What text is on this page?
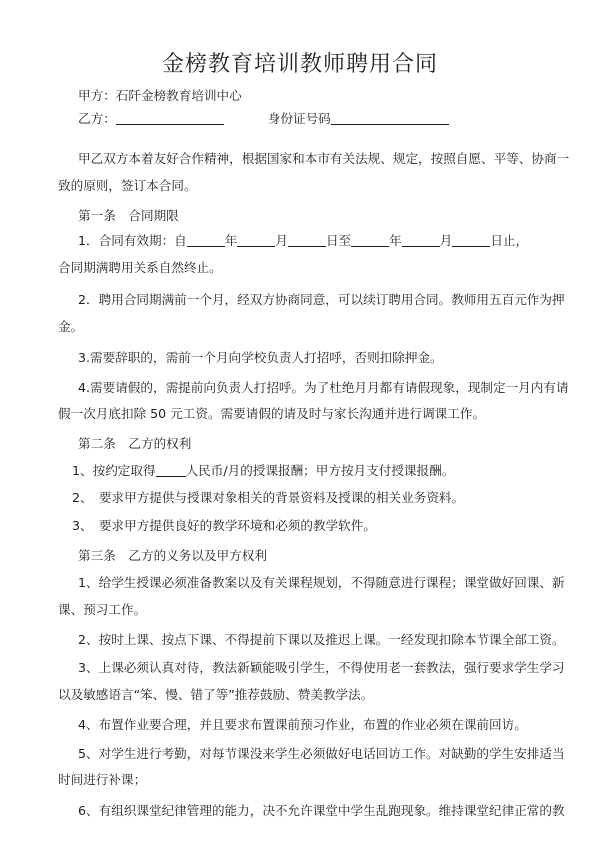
金榜教育培训教师聘用合同
甲方：石阡金榜教育培训中心
乙方：	身份证号码
甲乙双方本着友好合作精神，根据国家和本市有关法规、规定，按照自愿、平等、协商一
致的原则，签订本合同。
第一条　合同期限
1．合同有效期：自	年	月	日至	年	月	日止，
合同期满聘用关系自然终止。
2．聘用合同期满前一个月，经双方协商同意，可以续订聘用合同。教师用五百元作为押
金。
3.需要辞职的，需前一个月向学校负责人打招呼，否则扣除押金。
4.需要请假的，需提前向负责人打招呼。为了杜绝月月都有请假现象，现制定一月内有请
假一次月底扣除 50 元工资。需要请假的请及时与家长沟通并进行调课工作。
第二条　乙方的权利
1、按约定取得 人民币/月的授课报酬；甲方按月支付授课报酬。
2、　要求甲方提供与授课对象相关的背景资料及授课的相关业务资料。
3、　要求甲方提供良好的教学环境和必须的教学软件。
第三条　乙方的义务以及甲方权利
1、给学生授课必须准备教案以及有关课程规划，不得随意进行课程；课堂做好回课、新
课、预习工作。
2、按时上课、按点下课、不得提前下课以及推迟上课。一经发现扣除本节课全部工资。
3、上课必须认真对待，教法新颖能吸引学生，不得使用老一套教法，强行要求学生学习
以及敏感语言“笨、慢、错了等”推荐鼓励、赞美教学法。
4、布置作业要合理，并且要求布置课前预习作业，布置的作业必须在课前回访。
5、对学生进行考勤，对每节课没来学生必须做好电话回访工作。对缺勤的学生安排适当
时间进行补课；
6、有组织课堂纪律管理的能力，决不允许课堂中学生乱跑现象。维持课堂纪律正常的教
